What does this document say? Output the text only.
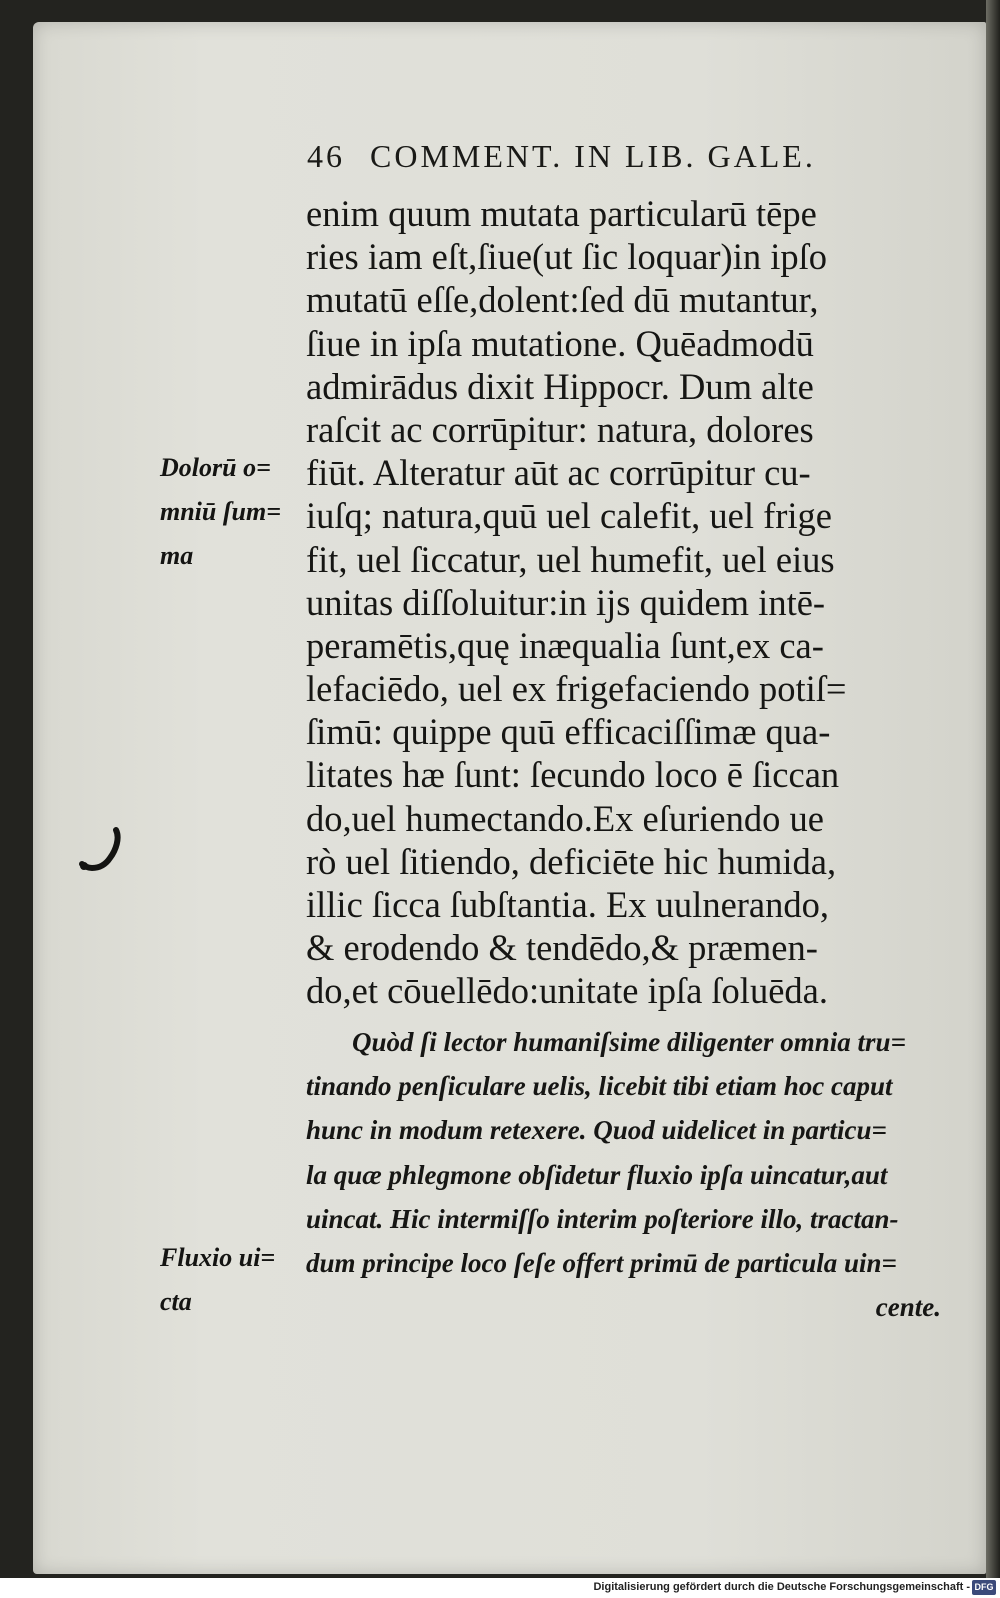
46 COMMENT. IN LIB. GALE.
enim quum mutata particularū tēpe
ries iam eſt,ſiue(ut ſic loquar)in ipſo
mutatū eſſe,dolent:ſed dū mutantur,
ſiue in ipſa mutatione. Quēadmodū
admirādus dixit Hippocr. Dum alte
raſcit ac corrūpitur: natura, dolores
fiūt. Alteratur aūt ac corrūpitur cu-
iuſq; natura,quū uel calefit, uel frige
fit, uel ſiccatur, uel humefit, uel eius
unitas diſſoluitur:in ijs quidem intē-
peramētis,quę inæqualia ſunt,ex ca-
lefaciēdo, uel ex frigefaciendo potiſ=
ſimū: quippe quū efficaciſſimæ qua-
litates hæ ſunt: ſecundo loco ē ſiccan
do,uel humectando.Ex eſuriendo ue
rò uel ſitiendo, deficiēte hic humida,
illic ſicca ſubſtantia. Ex uulnerando,
& erodendo & tendēdo,& præmen-
do,et cōuellēdo:unitate ipſa ſoluēda.
Quòd ſi lector humaniſsime diligenter omnia tru=
tinando penſiculare uelis, licebit tibi etiam hoc caput
hunc in modum retexere. Quod uidelicet in particu=
la quæ phlegmone obſidetur fluxio ipſa uincatur,aut
uincat. Hic intermiſſo interim poſteriore illo, tractan-
dum principe loco ſeſe offert primū de particula uin=
cente.
Dolorū o=
mniū ſum=
ma
Fluxio ui=
cta
Digitalisierung gefördert durch die Deutsche Forschungsgemeinschaft - DFG
